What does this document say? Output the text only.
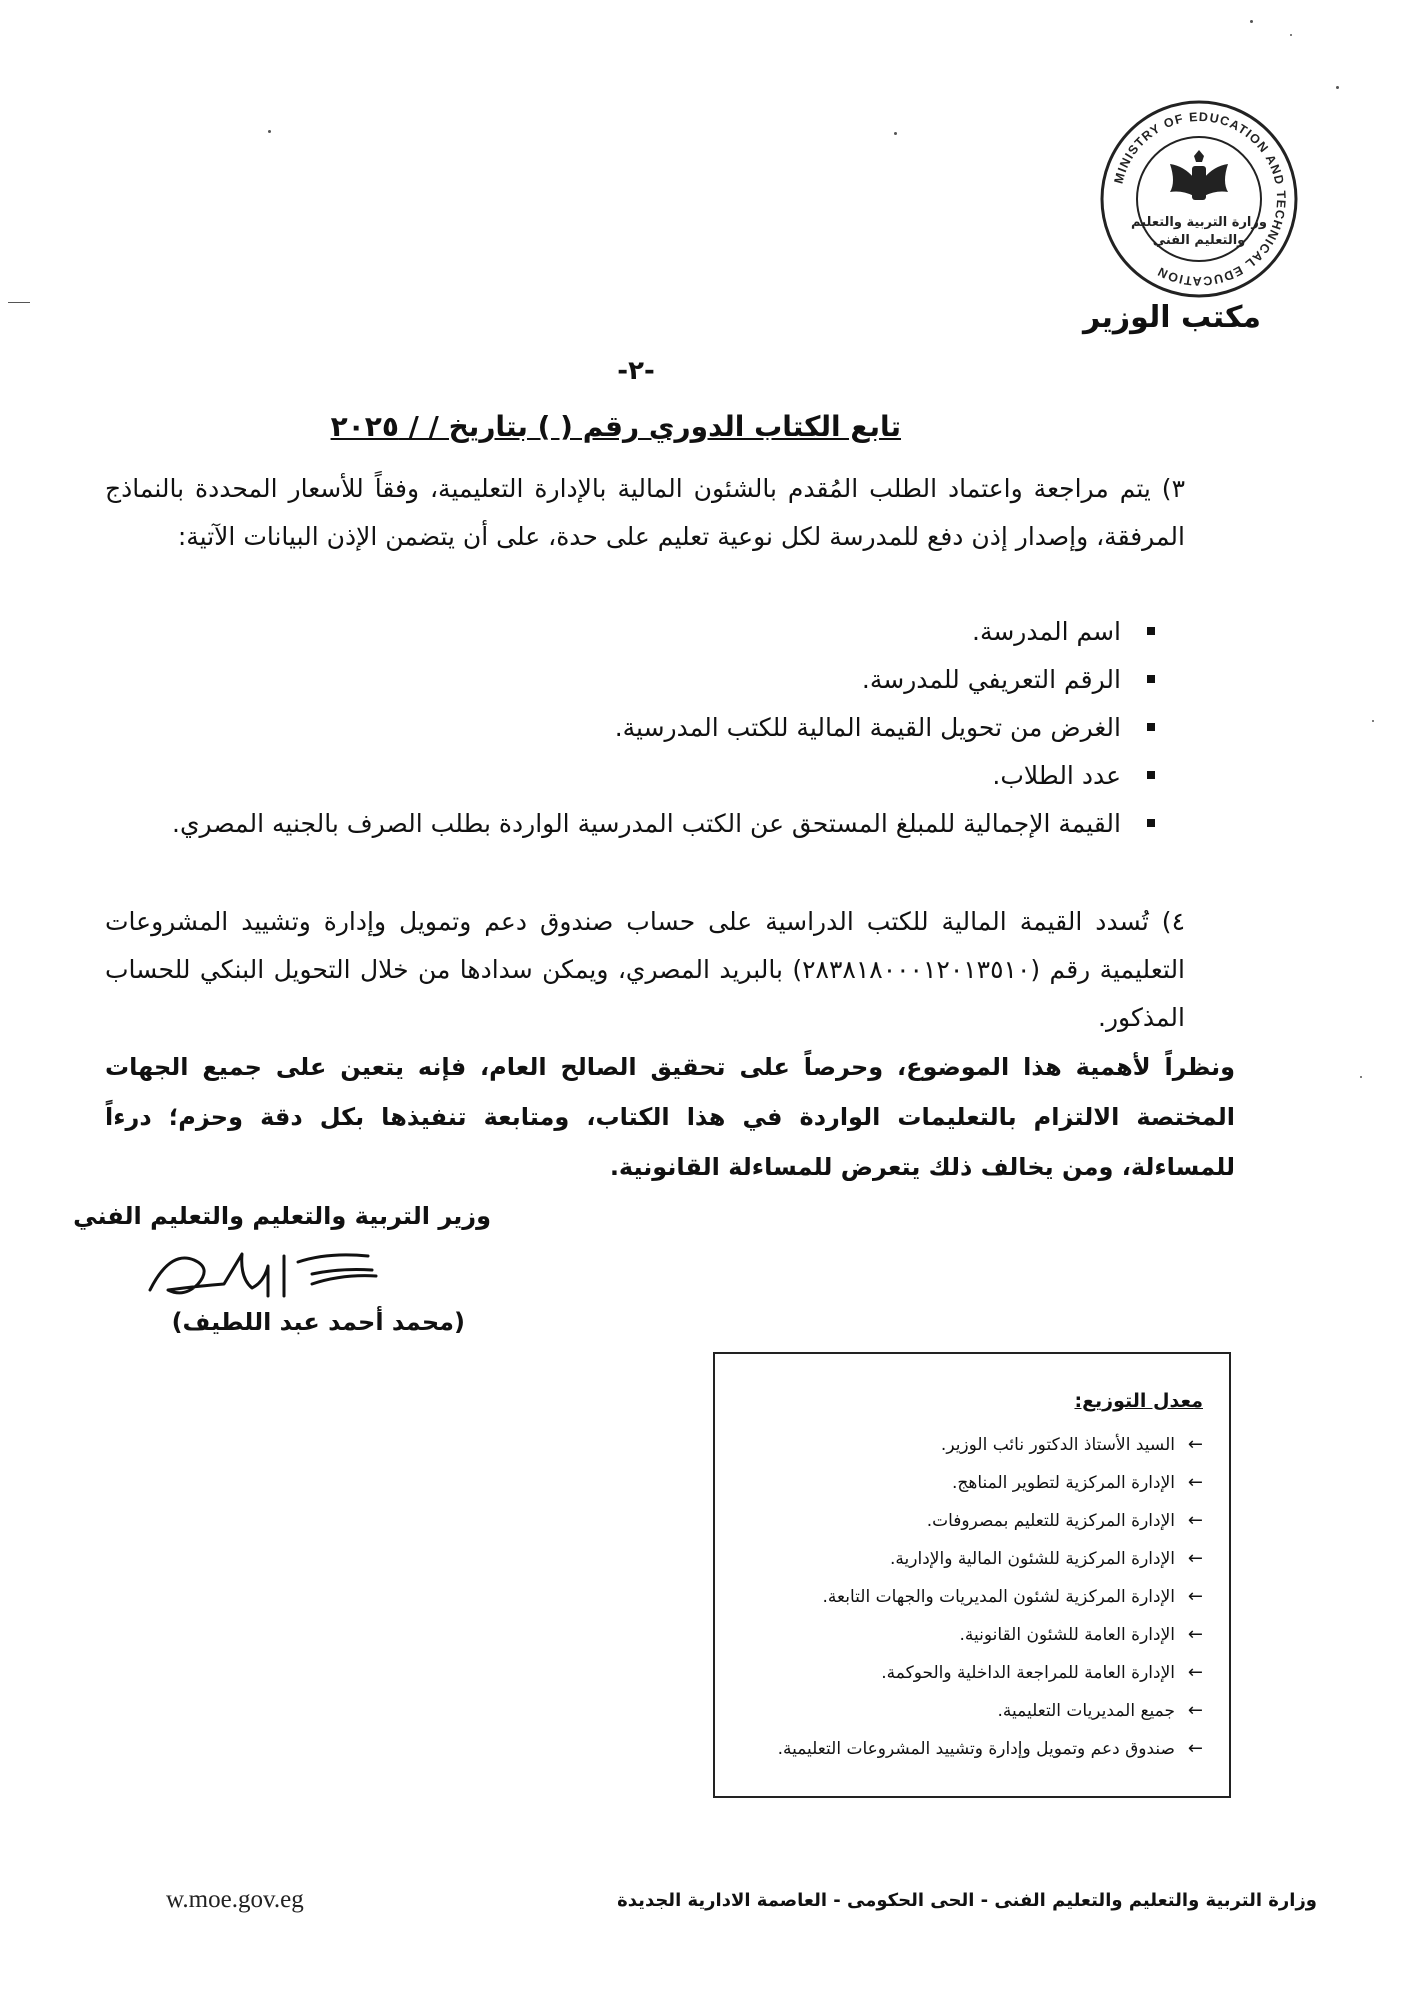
MINISTRY OF EDUCATION AND TECHNICAL EDUCATION
وزارة التربية والتعليم
والتعليم الفني
مكتب الوزير
-٢-
تابع الكتاب الدوري رقم ( ) بتاريخ / / ٢٠٢٥
٣) يتم مراجعة واعتماد الطلب المُقدم بالشئون المالية بالإدارة التعليمية، وفقاً للأسعار المحددة بالنماذج المرفقة، وإصدار إذن دفع للمدرسة لكل نوعية تعليم على حدة، على أن يتضمن الإذن البيانات الآتية:
اسم المدرسة.
الرقم التعريفي للمدرسة.
الغرض من تحويل القيمة المالية للكتب المدرسية.
عدد الطلاب.
القيمة الإجمالية للمبلغ المستحق عن الكتب المدرسية الواردة بطلب الصرف بالجنيه المصري.
٤) تُسدد القيمة المالية للكتب الدراسية على حساب صندوق دعم وتمويل وإدارة وتشييد المشروعات التعليمية رقم (٢٨٣٨١٨٠٠٠١٢٠١٣٥١٠) بالبريد المصري، ويمكن سدادها من خلال التحويل البنكي للحساب المذكور.
ونظراً لأهمية هذا الموضوع، وحرصاً على تحقيق الصالح العام، فإنه يتعين على جميع الجهات المختصة الالتزام بالتعليمات الواردة في هذا الكتاب، ومتابعة تنفيذها بكل دقة وحزم؛ درءاً للمساءلة، ومن يخالف ذلك يتعرض للمساءلة القانونية.
وزير التربية والتعليم والتعليم الفني
(محمد أحمد عبد اللطيف)
معدل التوزيع:
←السيد الأستاذ الدكتور نائب الوزير.
←الإدارة المركزية لتطوير المناهج.
←الإدارة المركزية للتعليم بمصروفات.
←الإدارة المركزية للشئون المالية والإدارية.
←الإدارة المركزية لشئون المديريات والجهات التابعة.
←الإدارة العامة للشئون القانونية.
←الإدارة العامة للمراجعة الداخلية والحوكمة.
←جميع المديريات التعليمية.
←صندوق دعم وتمويل وإدارة وتشييد المشروعات التعليمية.
w.moe.gov.eg	وزارة التربية والتعليم والتعليم الفنى - الحى الحكومى - العاصمة الادارية الجديدة
